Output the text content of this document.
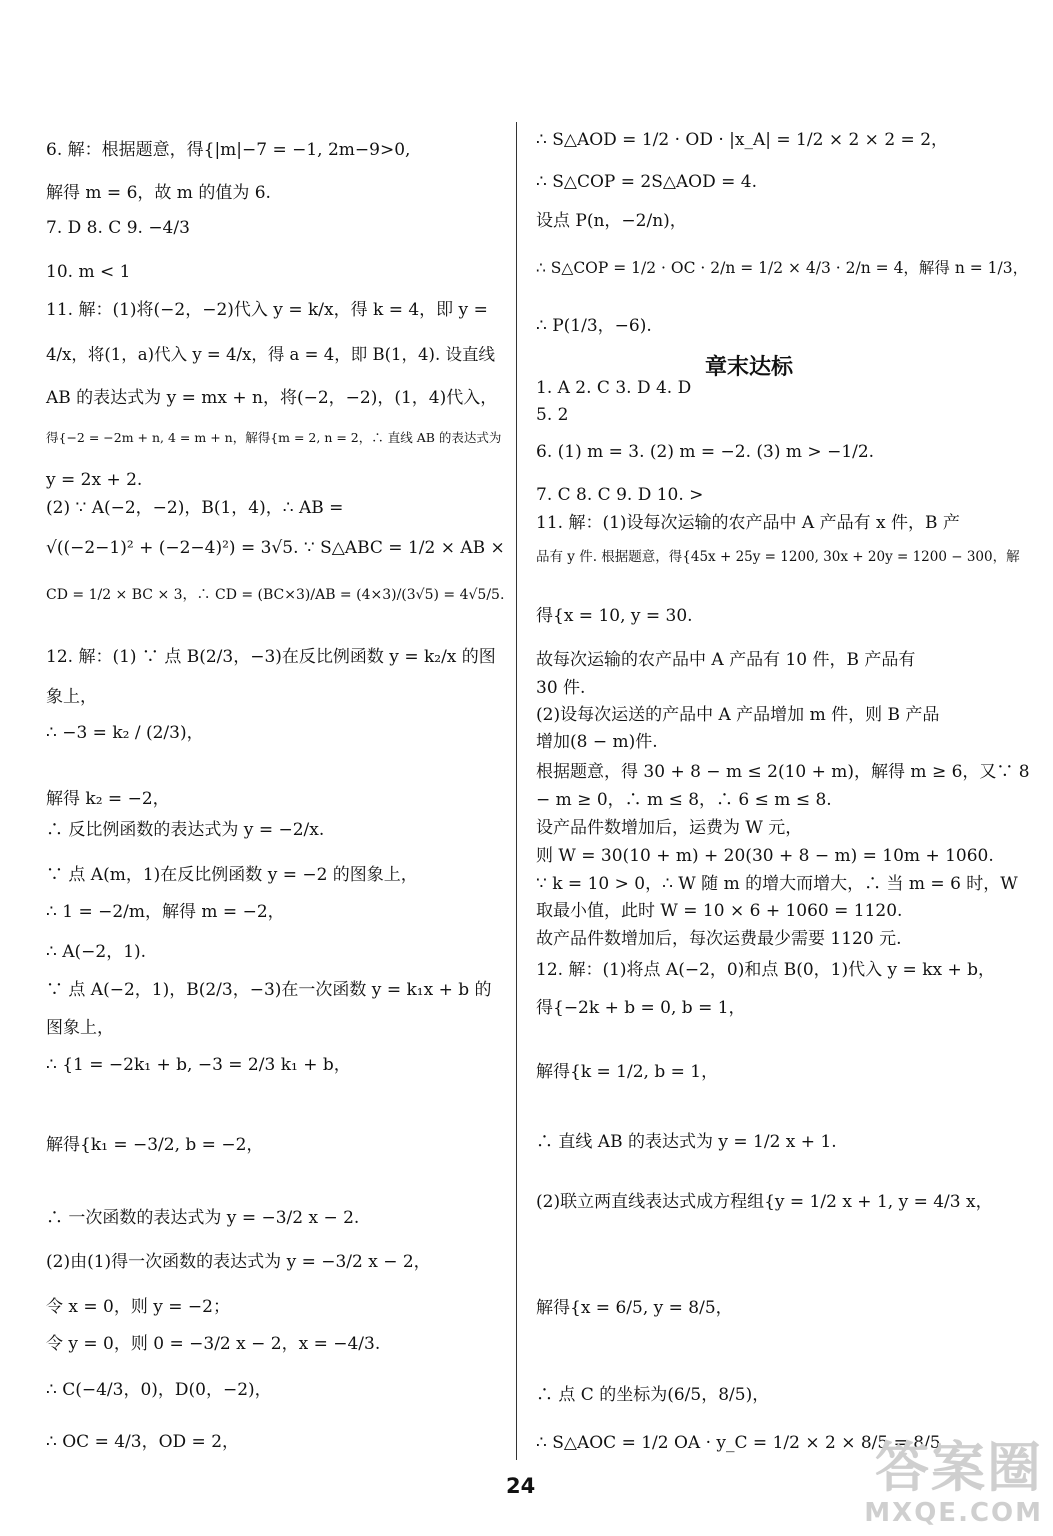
6. 解：根据题意，得{|m|−7 = −1, 2m−9>0,
解得 m = 6，故 m 的值为 6.
7. D 8. C 9. −4/3
10. m < 1
11. 解：(1)将(−2，−2)代入 y = k/x，得 k = 4，即 y =
4/x，将(1，a)代入 y = 4/x，得 a = 4，即 B(1，4). 设直线
AB 的表达式为 y = mx + n，将(−2，−2)，(1，4)代入，
得{−2 = −2m + n, 4 = m + n，解得{m = 2, n = 2，∴ 直线 AB 的表达式为
y = 2x + 2.
(2) ∵ A(−2，−2)，B(1，4)，∴ AB =
√((−2−1)² + (−2−4)²) = 3√5. ∵ S△ABC = 1/2 × AB ×
CD = 1/2 × BC × 3，∴ CD = (BC×3)/AB = (4×3)/(3√5) = 4√5/5.
12. 解：(1) ∵ 点 B(2/3，−3)在反比例函数 y = k₂/x 的图
象上，
∴ −3 = k₂ / (2/3)，
解得 k₂ = −2，
∴ 反比例函数的表达式为 y = −2/x.
∵ 点 A(m，1)在反比例函数 y = −2 的图象上，
∴ 1 = −2/m，解得 m = −2，
∴ A(−2，1).
∵ 点 A(−2，1)，B(2/3，−3)在一次函数 y = k₁x + b 的
图象上，
∴ {1 = −2k₁ + b, −3 = 2/3 k₁ + b，
解得{k₁ = −3/2, b = −2，
∴ 一次函数的表达式为 y = −3/2 x − 2.
(2)由(1)得一次函数的表达式为 y = −3/2 x − 2，
令 x = 0，则 y = −2；
令 y = 0，则 0 = −3/2 x − 2，x = −4/3.
∴ C(−4/3，0)，D(0，−2)，
∴ OC = 4/3，OD = 2，
∴ S△AOD = 1/2 · OD · |x_A| = 1/2 × 2 × 2 = 2，
∴ S△COP = 2S△AOD = 4.
设点 P(n，−2/n)，
∴ S△COP = 1/2 · OC · 2/n = 1/2 × 4/3 · 2/n = 4，解得 n = 1/3，
∴ P(1/3，−6).
1. A 2. C 3. D 4. D
5. 2
6. (1) m = 3. (2) m = −2. (3) m > −1/2.
7. C 8. C 9. D 10. >
11. 解：(1)设每次运输的农产品中 A 产品有 x 件，B 产
品有 y 件. 根据题意，得{45x + 25y = 1200, 30x + 20y = 1200 − 300，解
得{x = 10, y = 30.
故每次运输的农产品中 A 产品有 10 件，B 产品有
30 件.
(2)设每次运送的产品中 A 产品增加 m 件，则 B 产品
增加(8 − m)件.
根据题意，得 30 + 8 − m ≤ 2(10 + m)，解得 m ≥ 6，又∵ 8
− m ≥ 0，∴ m ≤ 8，∴ 6 ≤ m ≤ 8.
设产品件数增加后，运费为 W 元，
则 W = 30(10 + m) + 20(30 + 8 − m) = 10m + 1060.
∵ k = 10 > 0，∴ W 随 m 的增大而增大，∴ 当 m = 6 时，W
取最小值，此时 W = 10 × 6 + 1060 = 1120.
故产品件数增加后，每次运费最少需要 1120 元.
12. 解：(1)将点 A(−2，0)和点 B(0，1)代入 y = kx + b，
得{−2k + b = 0, b = 1，
解得{k = 1/2, b = 1，
∴ 直线 AB 的表达式为 y = 1/2 x + 1.
(2)联立两直线表达式成方程组{y = 1/2 x + 1, y = 4/3 x，
解得{x = 6/5, y = 8/5，
∴ 点 C 的坐标为(6/5，8/5)，
∴ S△AOC = 1/2 OA · y_C = 1/2 × 2 × 8/5 = 8/5.
章末达标
24	答案圈
MXQE.COM
